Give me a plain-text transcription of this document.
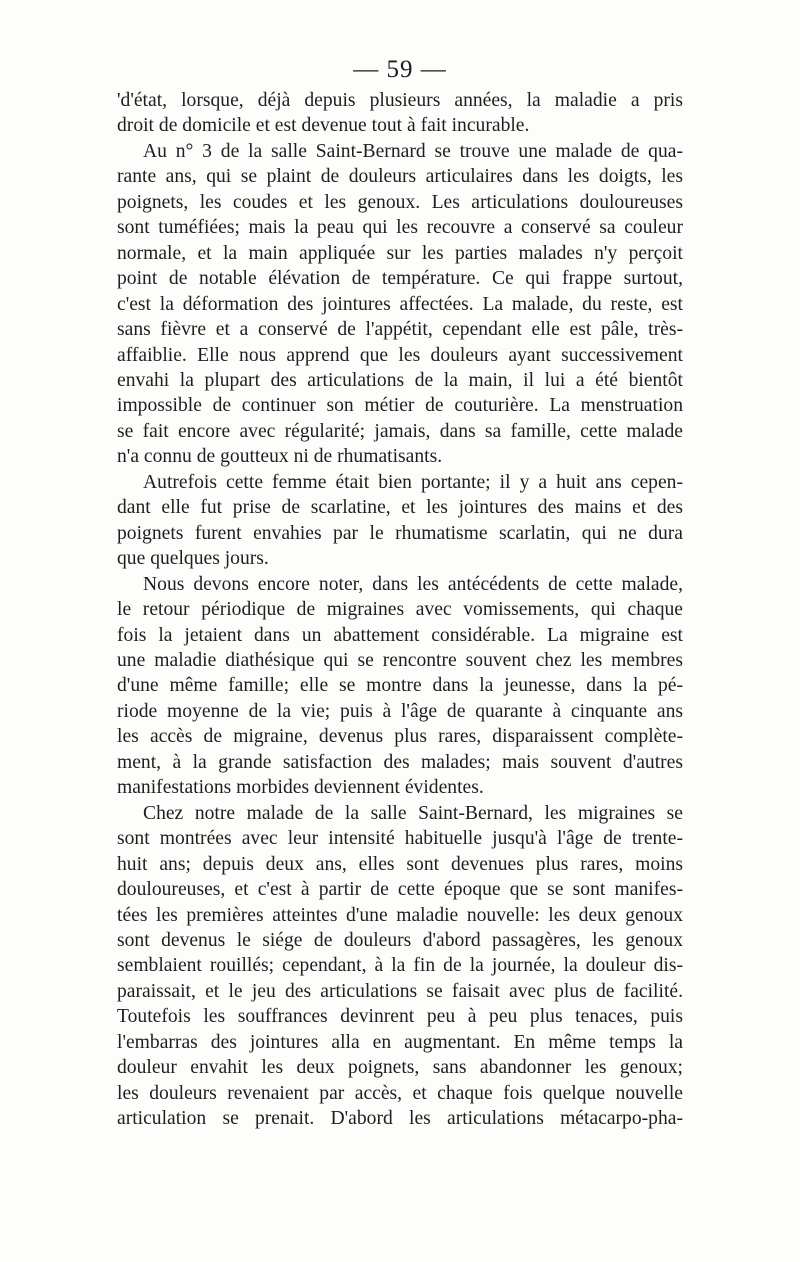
— 59 —

'd'état, lorsque, déjà depuis plusieurs années, la maladie a pris

droit de domicile et est devenue tout à fait incurable.

Au n° 3 de la salle Saint-Bernard se trouve une malade de qua-

rante ans, qui se plaint de douleurs articulaires dans les doigts, les

poignets, les coudes et les genoux. Les articulations douloureuses

sont tuméfiées; mais la peau qui les recouvre a conservé sa couleur

normale, et la main appliquée sur les parties malades n'y perçoit

point de notable élévation de température. Ce qui frappe surtout,

c'est la déformation des jointures affectées. La malade, du reste, est

sans fièvre et a conservé de l'appétit, cependant elle est pâle, très-

affaiblie. Elle nous apprend que les douleurs ayant successivement

envahi la plupart des articulations de la main, il lui a été bientôt

impossible de continuer son métier de couturière. La menstruation

se fait encore avec régularité; jamais, dans sa famille, cette malade

n'a connu de goutteux ni de rhumatisants.

Autrefois cette femme était bien portante; il y a huit ans cepen-

dant elle fut prise de scarlatine, et les jointures des mains et des

poignets furent envahies par le rhumatisme scarlatin, qui ne dura

que quelques jours.

Nous devons encore noter, dans les antécédents de cette malade,

le retour périodique de migraines avec vomissements, qui chaque

fois la jetaient dans un abattement considérable. La migraine est

une maladie diathésique qui se rencontre souvent chez les membres

d'une même famille; elle se montre dans la jeunesse, dans la pé-

riode moyenne de la vie; puis à l'âge de quarante à cinquante ans

les accès de migraine, devenus plus rares, disparaissent complète-

ment, à la grande satisfaction des malades; mais souvent d'autres

manifestations morbides deviennent évidentes.

Chez notre malade de la salle Saint-Bernard, les migraines se

sont montrées avec leur intensité habituelle jusqu'à l'âge de trente-

huit ans; depuis deux ans, elles sont devenues plus rares, moins

douloureuses, et c'est à partir de cette époque que se sont manifes-

tées les premières atteintes d'une maladie nouvelle: les deux genoux

sont devenus le siége de douleurs d'abord passagères, les genoux

semblaient rouillés; cependant, à la fin de la journée, la douleur dis-

paraissait, et le jeu des articulations se faisait avec plus de facilité.

Toutefois les souffrances devinrent peu à peu plus tenaces, puis

l'embarras des jointures alla en augmentant. En même temps la

douleur envahit les deux poignets, sans abandonner les genoux;

les douleurs revenaient par accès, et chaque fois quelque nouvelle

articulation se prenait. D'abord les articulations métacarpo-pha-
